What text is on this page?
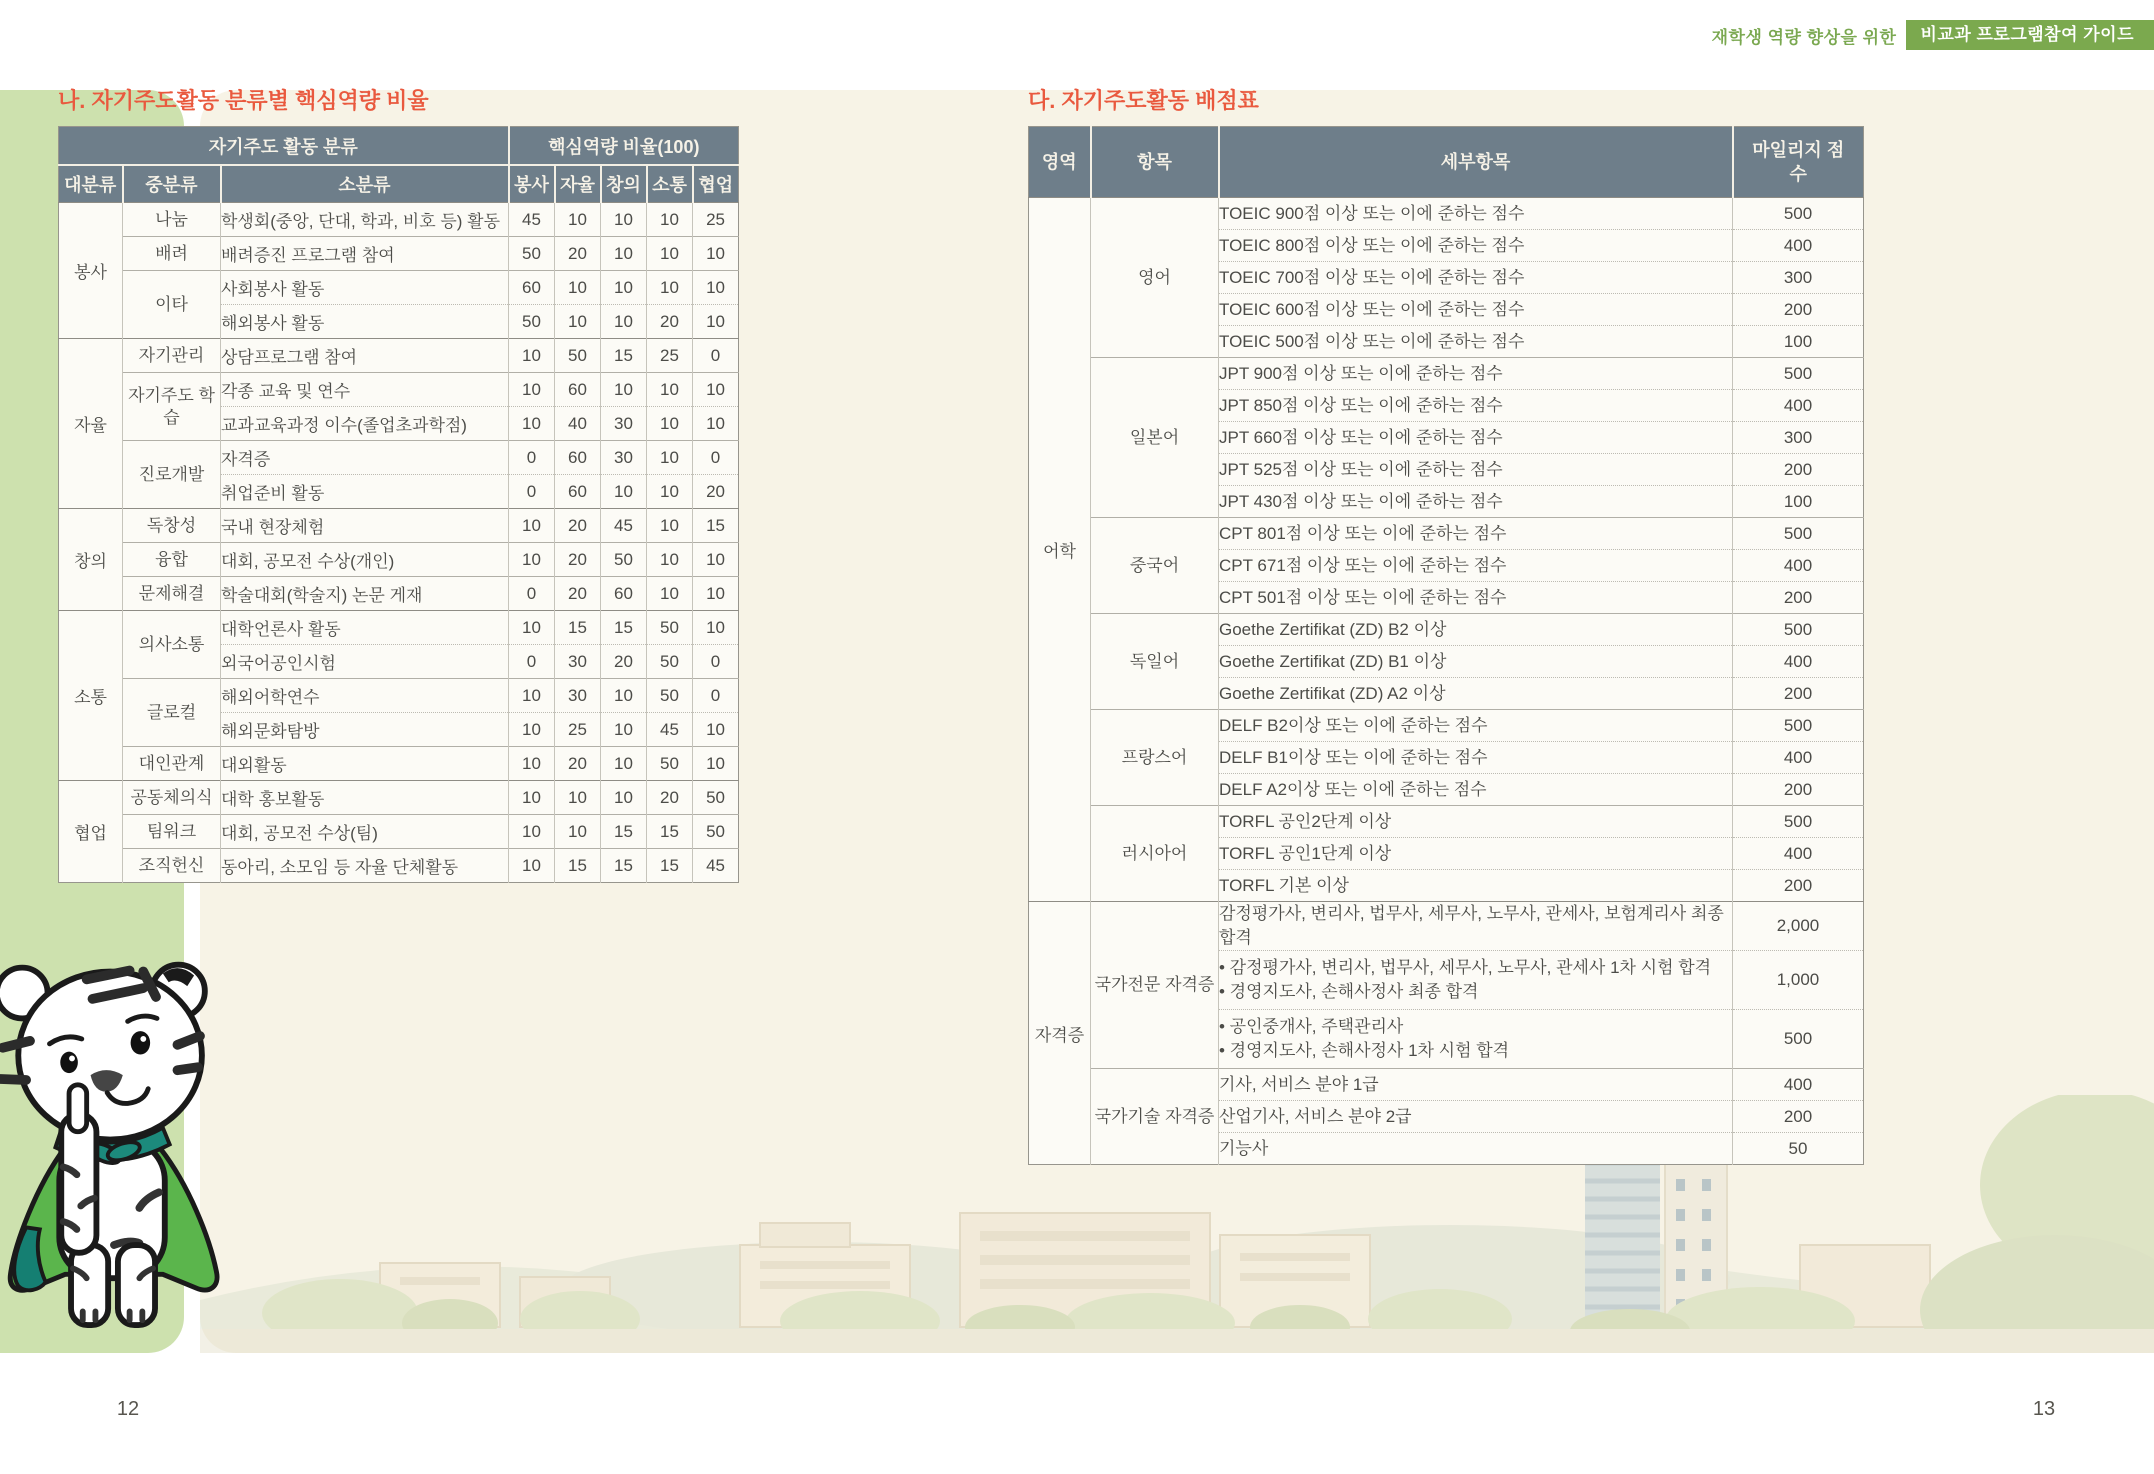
재학생 역량 향상을 위한	비교과 프로그램참여 가이드
나. 자기주도활동 분류별 핵심역량 비율
자기주도 활동 분류			핵심역량 비율(100)				
대분류	중분류	소분류	봉사	자율	창의	소통	협업
봉사	나눔	학생회(중앙, 단대, 학과, 비호 등) 활동	45	10	10	10	25
	배려	배려증진 프로그램 참여	50	20	10	10	10
	이타	사회봉사 활동	60	10	10	10	10
		해외봉사 활동	50	10	10	20	10
자율	자기관리	상담프로그램 참여	10	50	15	25	0
	자기주도 학습	각종 교육 및 연수	10	60	10	10	10
		교과교육과정 이수(졸업초과학점)	10	40	30	10	10
	진로개발	자격증	0	60	30	10	0
		취업준비 활동	0	60	10	10	20
창의	독창성	국내 현장체험	10	20	45	10	15
	융합	대회, 공모전 수상(개인)	10	20	50	10	10
	문제해결	학술대회(학술지) 논문 게재	0	20	60	10	10
소통	의사소통	대학언론사 활동	10	15	15	50	10
		외국어공인시험	0	30	20	50	0
	글로컬	해외어학연수	10	30	10	50	0
		해외문화탐방	10	25	10	45	10
	대인관계	대외활동	10	20	10	50	10
협업	공동체의식	대학 홍보활동	10	10	10	20	50
	팀워크	대회, 공모전 수상(팀)	10	10	15	15	50
	조직헌신	동아리, 소모임 등 자율 단체활동	10	15	15	15	45
다. 자기주도활동 배점표
영역	항목	세부항목	마일리지 점수
어학	영어	TOEIC 900점 이상 또는 이에 준하는 점수	500

		TOEIC 800점 이상 또는 이에 준하는 점수	400

		TOEIC 700점 이상 또는 이에 준하는 점수	300

		TOEIC 600점 이상 또는 이에 준하는 점수	200

		TOEIC 500점 이상 또는 이에 준하는 점수	100
	일본어	JPT 900점 이상 또는 이에 준하는 점수	500

		JPT 850점 이상 또는 이에 준하는 점수	400

		JPT 660점 이상 또는 이에 준하는 점수	300

		JPT 525점 이상 또는 이에 준하는 점수	200

		JPT 430점 이상 또는 이에 준하는 점수	100
	중국어	CPT 801점 이상 또는 이에 준하는 점수	500

		CPT 671점 이상 또는 이에 준하는 점수	400

		CPT 501점 이상 또는 이에 준하는 점수	200
	독일어	Goethe Zertifikat (ZD) B2 이상	500

		Goethe Zertifikat (ZD) B1 이상	400

		Goethe Zertifikat (ZD) A2 이상	200
	프랑스어	DELF B2이상 또는 이에 준하는 점수	500

		DELF B1이상 또는 이에 준하는 점수	400

		DELF A2이상 또는 이에 준하는 점수	200
	러시아어	TORFL 공인2단계 이상	500

		TORFL 공인1단계 이상	400

		TORFL 기본 이상	200
자격증	국가전문 자격증	감정평가사, 변리사, 법무사, 세무사, 노무사, 관세사, 보험계리사 최종 합격	2,000

		• 감정평가사, 변리사, 법무사, 세무사, 노무사, 관세사 1차 시험 합격
• 경영지도사, 손해사정사 최종 합격	1,000

		• 공인중개사, 주택관리사
• 경영지도사, 손해사정사 1차 시험 합격	500
	국가기술 자격증	기사, 서비스 분야 1급	400

		산업기사, 서비스 분야 2급	200

		기능사	50
12	13
